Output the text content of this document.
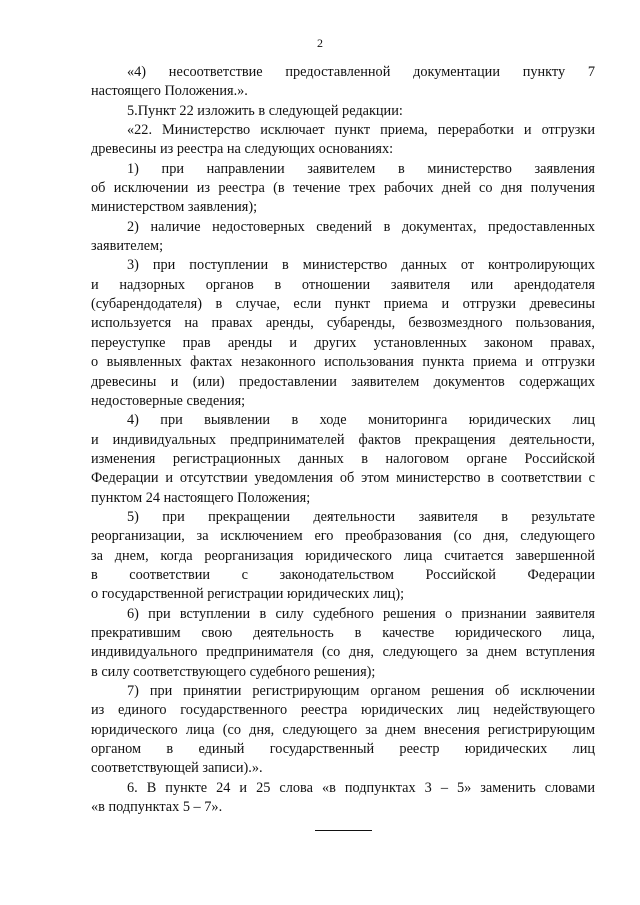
2
«4) несоответствие предоставленной документации пункту 7
настоящего Положения.».
5.Пункт 22 изложить в следующей редакции:
«22. Министерство исключает пункт приема, переработки и отгрузки
древесины из реестра на следующих основаниях:
1) при направлении заявителем в министерство заявления
об исключении из реестра (в течение трех рабочих дней со дня получения
министерством заявления);
2) наличие недостоверных сведений в документах, предоставленных
заявителем;
3) при поступлении в министерство данных от контролирующих
и надзорных органов в отношении заявителя или арендодателя
(субарендодателя) в случае, если пункт приема и отгрузки древесины
используется на правах аренды, субаренды, безвозмездного пользования,
переуступке прав аренды и других установленных законом правах,
о выявленных фактах незаконного использования пункта приема и отгрузки
древесины и (или) предоставлении заявителем документов содержащих
недостоверные сведения;
4) при выявлении в ходе мониторинга юридических лиц
и индивидуальных предпринимателей фактов прекращения деятельности,
изменения регистрационных данных в налоговом органе Российской
Федерации и отсутствии уведомления об этом министерство в соответствии с
пунктом 24 настоящего Положения;
5) при прекращении деятельности заявителя в результате
реорганизации, за исключением его преобразования (со дня, следующего
за днем, когда реорганизация юридического лица считается завершенной
в соответствии с законодательством Российской Федерации
о государственной регистрации юридических лиц);
6) при вступлении в силу судебного решения о признании заявителя
прекратившим свою деятельность в качестве юридического лица,
индивидуального предпринимателя (со дня, следующего за днем вступления
в силу соответствующего судебного решения);
7) при принятии регистрирующим органом решения об исключении
из единого государственного реестра юридических лиц недействующего
юридического лица (со дня, следующего за днем внесения регистрирующим
органом в единый государственный реестр юридических лиц
соответствующей записи).».
6. В пункте 24 и 25 слова «в подпунктах 3 – 5» заменить словами
«в подпунктах 5 – 7».
